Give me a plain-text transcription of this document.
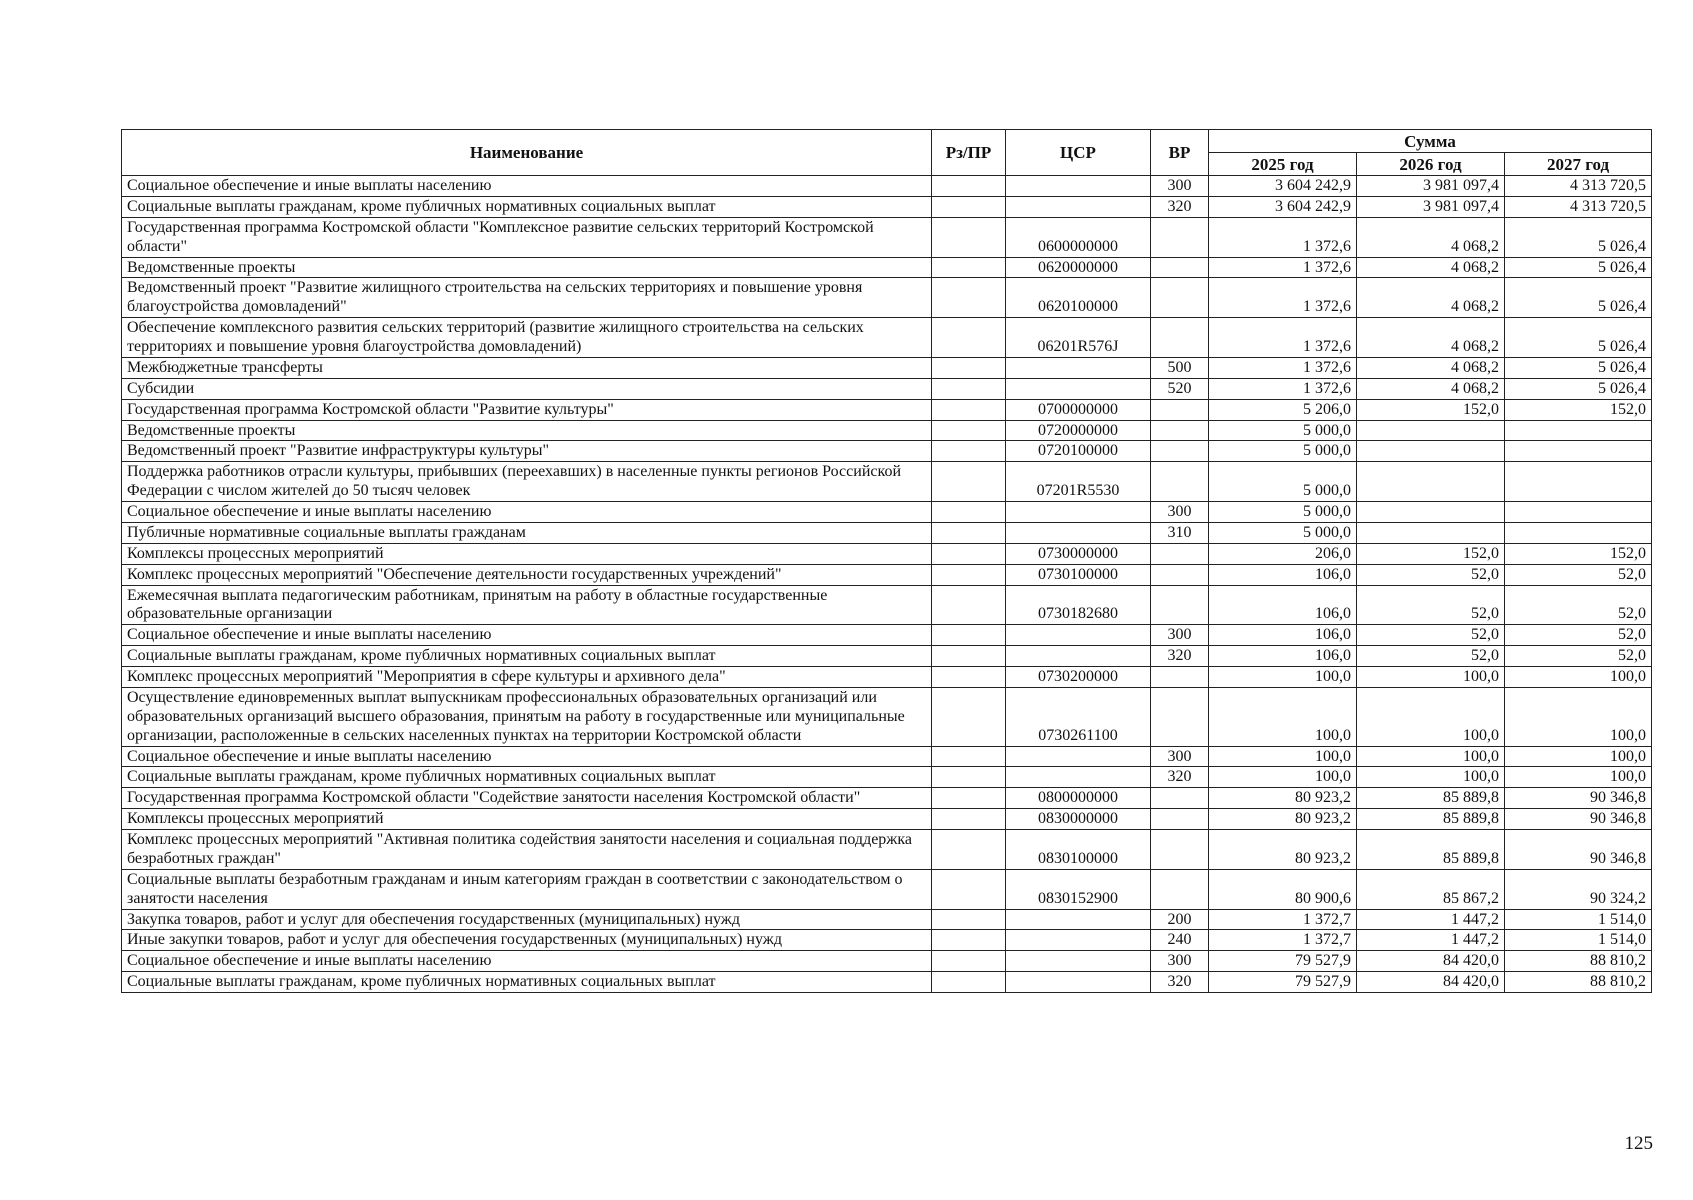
Наименование	Рз/ПР	ЦСР	ВР	Сумма		
				2025 год	2026 год	2027 год
Социальное обеспечение и иные выплаты населению			300	3 604 242,9	3 981 097,4	4 313 720,5
Социальные выплаты гражданам, кроме публичных нормативных социальных выплат			320	3 604 242,9	3 981 097,4	4 313 720,5
Государственная программа Костромской области "Комплексное развитие сельских территорий Костромской области"		0600000000		1 372,6	4 068,2	5 026,4
Ведомственные проекты		0620000000		1 372,6	4 068,2	5 026,4
Ведомственный проект "Развитие жилищного строительства на сельских территориях и повышение уровня благоустройства домовладений"		0620100000		1 372,6	4 068,2	5 026,4
Обеспечение комплексного развития сельских территорий (развитие жилищного строительства на сельских территориях и повышение уровня благоустройства домовладений)		06201R576J		1 372,6	4 068,2	5 026,4
Межбюджетные трансферты			500	1 372,6	4 068,2	5 026,4
Субсидии			520	1 372,6	4 068,2	5 026,4
Государственная программа Костромской области "Развитие культуры"		0700000000		5 206,0	152,0	152,0
Ведомственные проекты		0720000000		5 000,0		
Ведомственный проект "Развитие инфраструктуры культуры"		0720100000		5 000,0		
Поддержка работников отрасли культуры, прибывших (переехавших) в населенные пункты регионов Российской Федерации с числом жителей до 50 тысяч человек		07201R5530		5 000,0		
Социальное обеспечение и иные выплаты населению			300	5 000,0		
Публичные нормативные социальные выплаты гражданам			310	5 000,0		
Комплексы процессных мероприятий		0730000000		206,0	152,0	152,0
Комплекс процессных мероприятий "Обеспечение деятельности государственных учреждений"		0730100000		106,0	52,0	52,0
Ежемесячная выплата педагогическим работникам, принятым на работу в областные государственные образовательные организации		0730182680		106,0	52,0	52,0
Социальное обеспечение и иные выплаты населению			300	106,0	52,0	52,0
Социальные выплаты гражданам, кроме публичных нормативных социальных выплат			320	106,0	52,0	52,0
Комплекс процессных мероприятий "Мероприятия в сфере культуры и архивного дела"		0730200000		100,0	100,0	100,0
Осуществление единовременных выплат выпускникам профессиональных образовательных организаций или образовательных организаций высшего образования, принятым на работу в государственные или муниципальные организации, расположенные в сельских населенных пунктах на территории Костромской области		0730261100		100,0	100,0	100,0
Социальное обеспечение и иные выплаты населению			300	100,0	100,0	100,0
Социальные выплаты гражданам, кроме публичных нормативных социальных выплат			320	100,0	100,0	100,0
Государственная программа Костромской области "Содействие занятости населения Костромской области"		0800000000		80 923,2	85 889,8	90 346,8
Комплексы процессных мероприятий		0830000000		80 923,2	85 889,8	90 346,8
Комплекс процессных мероприятий "Активная политика содействия занятости населения и социальная поддержка безработных граждан"		0830100000		80 923,2	85 889,8	90 346,8
Социальные выплаты безработным гражданам и иным категориям граждан в соответствии с законодательством о занятости населения		0830152900		80 900,6	85 867,2	90 324,2
Закупка товаров, работ и услуг для обеспечения государственных (муниципальных) нужд			200	1 372,7	1 447,2	1 514,0
Иные закупки товаров, работ и услуг для обеспечения государственных (муниципальных) нужд			240	1 372,7	1 447,2	1 514,0
Социальное обеспечение и иные выплаты населению			300	79 527,9	84 420,0	88 810,2
Социальные выплаты гражданам, кроме публичных нормативных социальных выплат			320	79 527,9	84 420,0	88 810,2
125
